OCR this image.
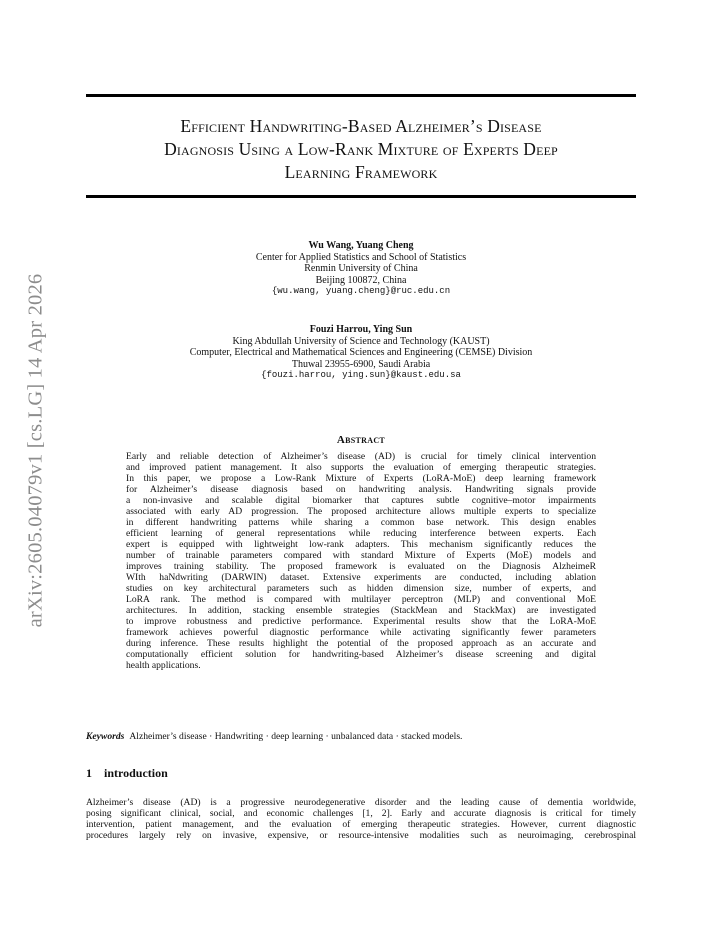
arXiv:2605.04079v1 [cs.LG] 14 Apr 2026
Efficient Handwriting-Based Alzheimer’s Disease
Diagnosis Using a Low-Rank Mixture of Experts Deep
Learning Framework
Wu Wang, Yuang Cheng
Center for Applied Statistics and School of Statistics
Renmin University of China
Beijing 100872, China
{wu.wang, yuang.cheng}@ruc.edu.cn
Fouzi Harrou, Ying Sun
King Abdullah University of Science and Technology (KAUST)
Computer, Electrical and Mathematical Sciences and Engineering (CEMSE) Division
Thuwal 23955-6900, Saudi Arabia
{fouzi.harrou, ying.sun}@kaust.edu.sa
Abstract
Early and reliable detection of Alzheimer’s disease (AD) is crucial for timely clinical intervention
and improved patient management. It also supports the evaluation of emerging therapeutic strategies.
In this paper, we propose a Low-Rank Mixture of Experts (LoRA-MoE) deep learning framework
for Alzheimer’s disease diagnosis based on handwriting analysis. Handwriting signals provide
a non-invasive and scalable digital biomarker that captures subtle cognitive–motor impairments
associated with early AD progression. The proposed architecture allows multiple experts to specialize
in different handwriting patterns while sharing a common base network. This design enables
efficient learning of general representations while reducing interference between experts. Each
expert is equipped with lightweight low-rank adapters. This mechanism significantly reduces the
number of trainable parameters compared with standard Mixture of Experts (MoE) models and
improves training stability. The proposed framework is evaluated on the Diagnosis AlzheimeR
WIth haNdwriting (DARWIN) dataset. Extensive experiments are conducted, including ablation
studies on key architectural parameters such as hidden dimension size, number of experts, and
LoRA rank. The method is compared with multilayer perceptron (MLP) and conventional MoE
architectures. In addition, stacking ensemble strategies (StackMean and StackMax) are investigated
to improve robustness and predictive performance. Experimental results show that the LoRA-MoE
framework achieves powerful diagnostic performance while activating significantly fewer parameters
during inference. These results highlight the potential of the proposed approach as an accurate and
computationally efficient solution for handwriting-based Alzheimer’s disease screening and digital
health applications.
Keywords Alzheimer’s disease · Handwriting · deep learning · unbalanced data · stacked models.
1 introduction
Alzheimer’s disease (AD) is a progressive neurodegenerative disorder and the leading cause of dementia worldwide,
posing significant clinical, social, and economic challenges [1, 2]. Early and accurate diagnosis is critical for timely
intervention, patient management, and the evaluation of emerging therapeutic strategies. However, current diagnostic
procedures largely rely on invasive, expensive, or resource-intensive modalities such as neuroimaging, cerebrospinal
